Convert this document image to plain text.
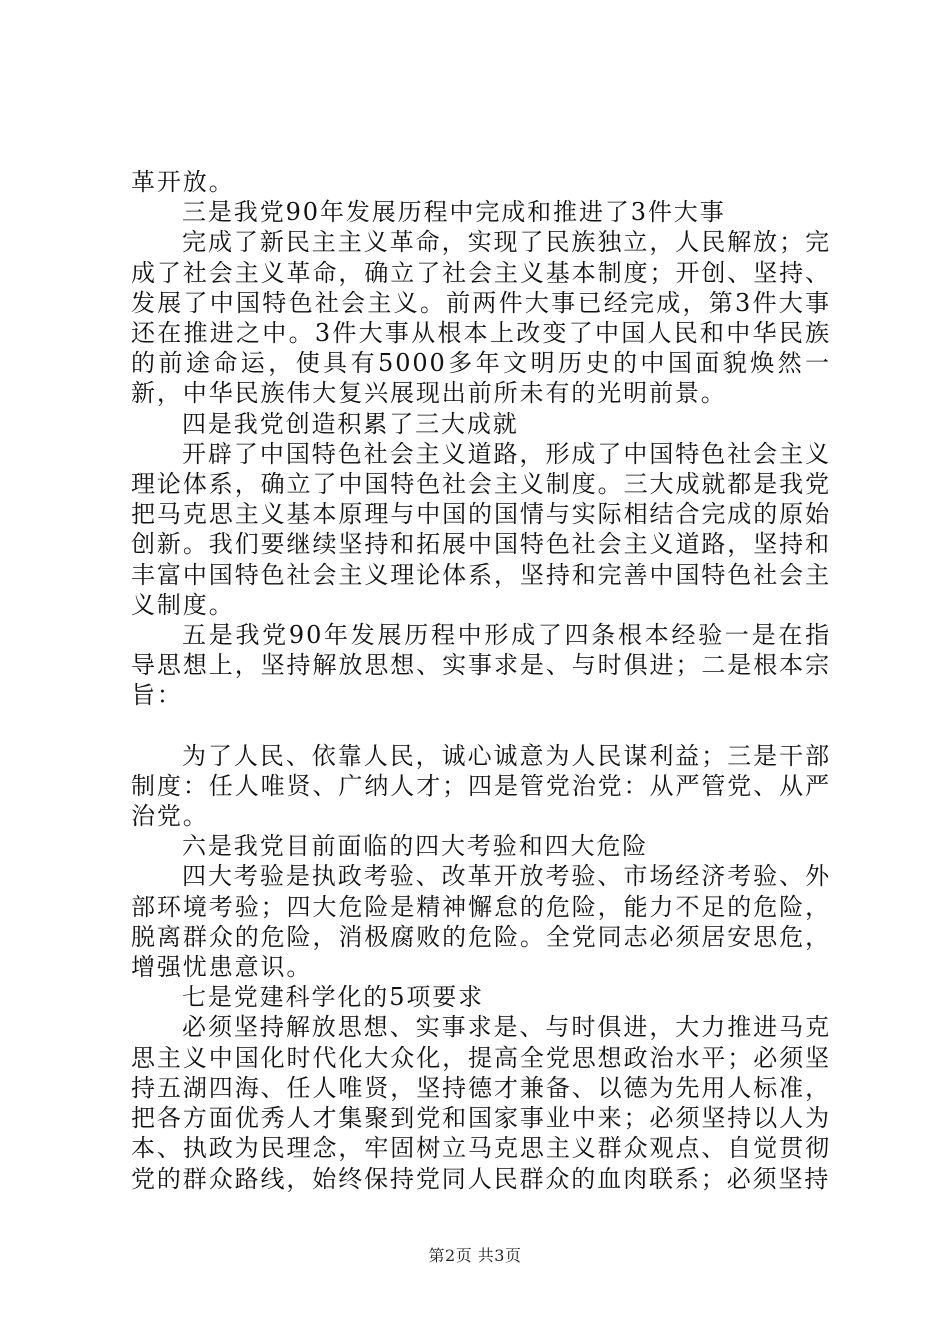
革开放。

三是我党90年发展历程中完成和推进了3件大事

完成了新民主主义革命，实现了民族独立，人民解放；完成了社会主义革命，确立了社会主义基本制度；开创、坚持、发展了中国特色社会主义。前两件大事已经完成，第3件大事还在推进之中。3件大事从根本上改变了中国人民和中华民族的前途命运，使具有5000多年文明历史的中国面貌焕然一新，中华民族伟大复兴展现出前所未有的光明前景。

四是我党创造积累了三大成就

开辟了中国特色社会主义道路，形成了中国特色社会主义理论体系，确立了中国特色社会主义制度。三大成就都是我党把马克思主义基本原理与中国的国情与实际相结合完成的原始创新。我们要继续坚持和拓展中国特色社会主义道路，坚持和丰富中国特色社会主义理论体系，坚持和完善中国特色社会主义制度。

五是我党90年发展历程中形成了四条根本经验一是在指导思想上，坚持解放思想、实事求是、与时俱进；二是根本宗旨：

为了人民、依靠人民，诚心诚意为人民谋利益；三是干部制度：任人唯贤、广纳人才；四是管党治党：从严管党、从严治党。

六是我党目前面临的四大考验和四大危险

四大考验是执政考验、改革开放考验、市场经济考验、外部环境考验；四大危险是精神懈怠的危险，能力不足的危险，脱离群众的危险，消极腐败的危险。全党同志必须居安思危，增强忧患意识。

七是党建科学化的5项要求

必须坚持解放思想、实事求是、与时俱进，大力推进马克思主义中国化时代化大众化，提高全党思想政治水平；必须坚持五湖四海、任人唯贤，坚持德才兼备、以德为先用人标准，把各方面优秀人才集聚到党和国家事业中来；必须坚持以人为本、执政为民理念，牢固树立马克思主义群众观点、自觉贯彻党的群众路线，始终保持党同人民群众的血肉联系；必须坚持

第2页 共3页
